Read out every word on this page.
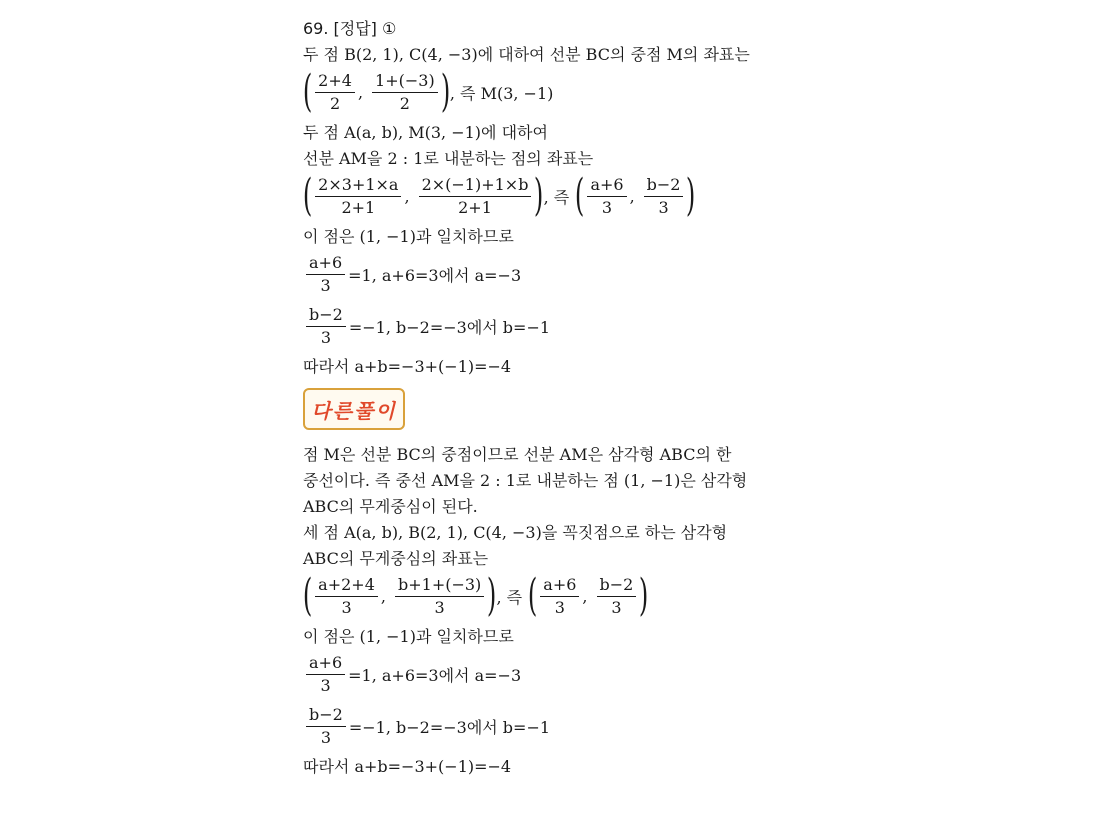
69. [정답] ①
두 점 B(2, 1), C(4, −3)에 대하여 선분 BC의 중점 M의 좌표는
( $\frac{2+4}{2}$ , $\frac{1+(-3)}{2}$ ) , 즉 M(3, −1)
두 점 A(a, b), M(3, −1)에 대하여
선분 AM을 2 : 1로 내분하는 점의 좌표는
( $\frac{2\times 3+1\times a}{2+1}$ , $\frac{2\times(-1)+1\times b}{2+1}$ ) , 즉 ( $\frac{a+6}{3}$ , $\frac{b-2}{3}$ )
이 점은 (1, −1)과 일치하므로
$\frac{a+6}{3} =1$, a+6=3에서 a=−3
$\frac{b-2}{3} =-1$, b−2=−3에서 b=−1
따라서 a+b=−3+(−1)=−4
다른풀이
점 M은 선분 BC의 중점이므로 선분 AM은 삼각형 ABC의 한
중선이다. 즉 중선 AM을 2 : 1로 내분하는 점 (1, −1)은 삼각형
ABC의 무게중심이 된다.
세 점 A(a, b), B(2, 1), C(4, −3)을 꼭짓점으로 하는 삼각형
ABC의 무게중심의 좌표는
( $\frac{a+2+4}{3}$ , $\frac{b+1+(-3)}{3}$ ) , 즉 ( $\frac{a+6}{3}$ , $\frac{b-2}{3}$ )
이 점은 (1, −1)과 일치하므로
$\frac{a+6}{3} =1$, a+6=3에서 a=−3
$\frac{b-2}{3} =-1$, b−2=−3에서 b=−1
따라서 a+b=−3+(−1)=−4
